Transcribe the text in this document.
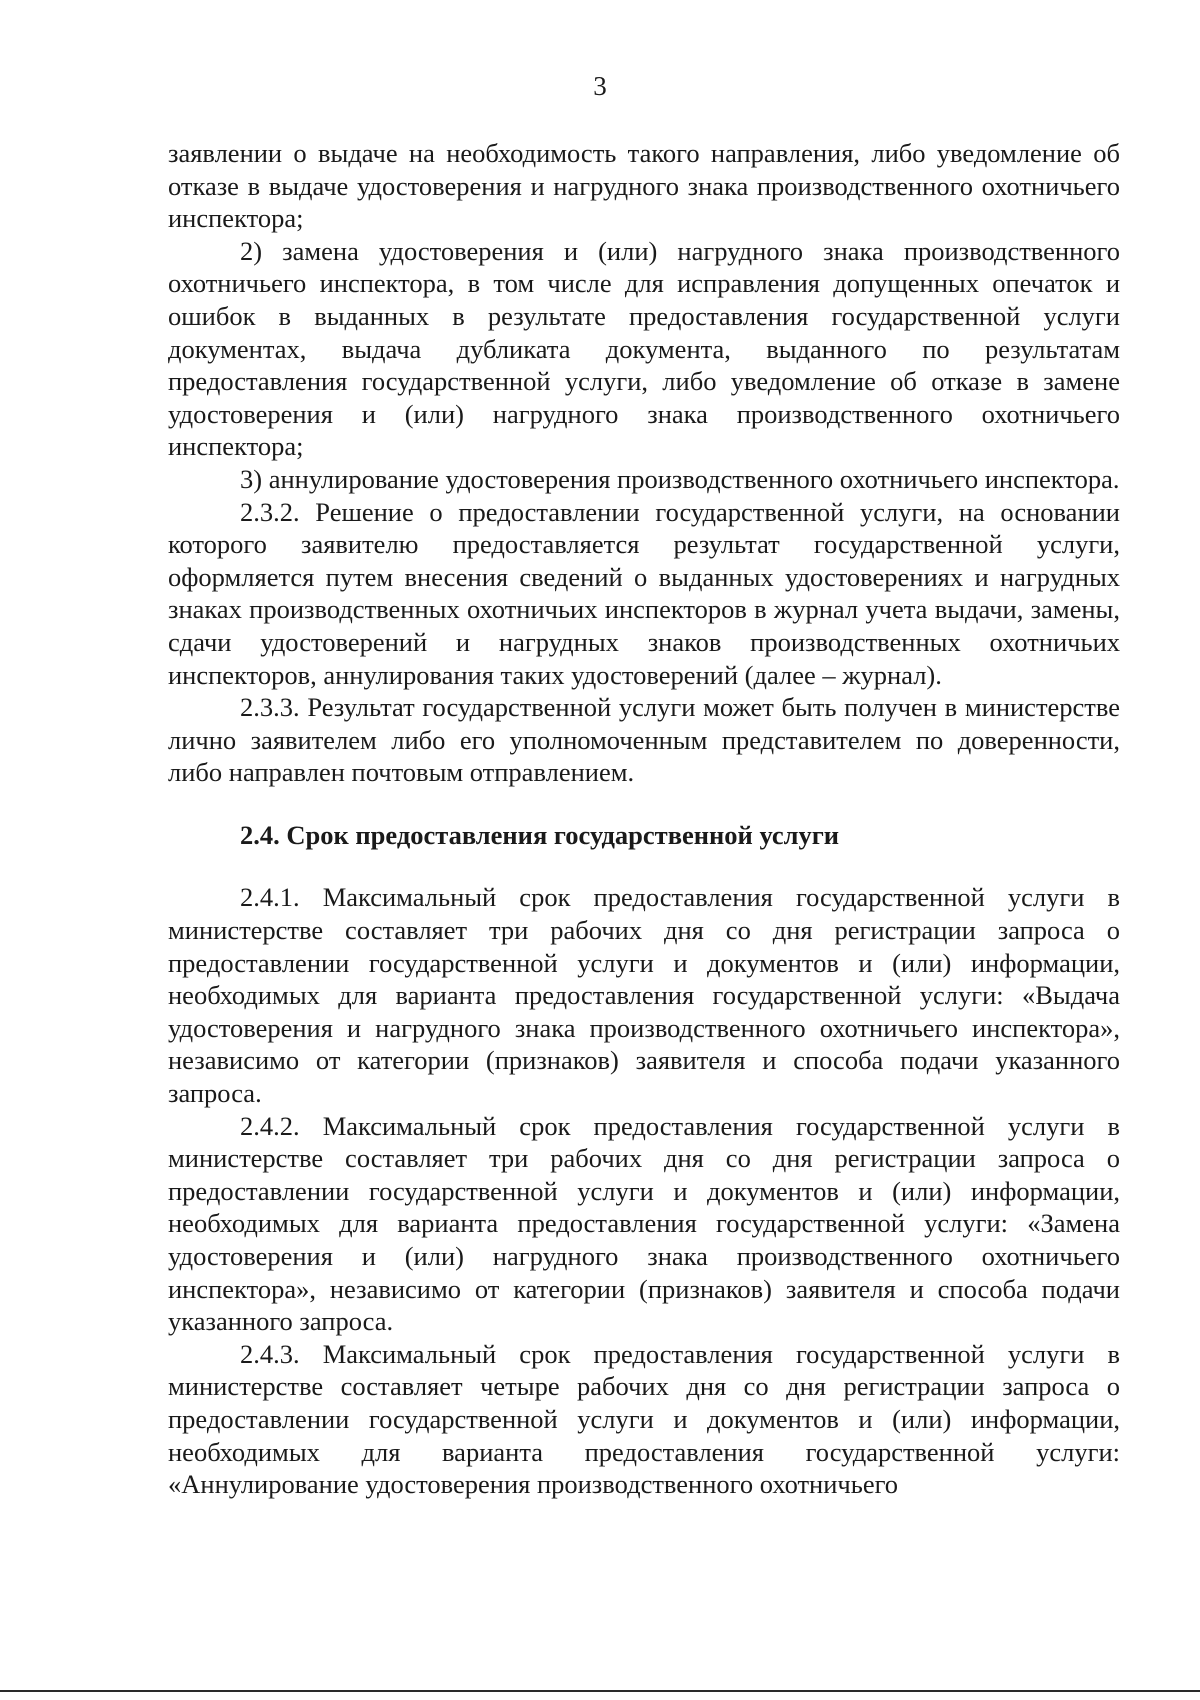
3

заявлении о выдаче на необходимость такого направления, либо уведомление об отказе в выдаче удостоверения и нагрудного знака производственного охотничьего инспектора;

2) замена удостоверения и (или) нагрудного знака производственного охотничьего инспектора, в том числе для исправления допущенных опечаток и ошибок в выданных в результате предоставления государственной услуги документах, выдача дубликата документа, выданного по результатам предоставления государственной услуги, либо уведомление об отказе в замене удостоверения и (или) нагрудного знака производственного охотничьего инспектора;

3) аннулирование удостоверения производственного охотничьего инспектора.

2.3.2. Решение о предоставлении государственной услуги, на основании которого заявителю предоставляется результат государственной услуги, оформляется путем внесения сведений о выданных удостоверениях и нагрудных знаках производственных охотничьих инспекторов в журнал учета выдачи, замены, сдачи удостоверений и нагрудных знаков производственных охотничьих инспекторов, аннулирования таких удостоверений (далее – журнал).

2.3.3. Результат государственной услуги может быть получен в министерстве лично заявителем либо его уполномоченным представителем по доверенности, либо направлен почтовым отправлением.

2.4. Срок предоставления государственной услуги

2.4.1. Максимальный срок предоставления государственной услуги в министерстве составляет три рабочих дня со дня регистрации запроса о предоставлении государственной услуги и документов и (или) информации, необходимых для варианта предоставления государственной услуги: «Выдача удостоверения и нагрудного знака производственного охотничьего инспектора», независимо от категории (признаков) заявителя и способа подачи указанного запроса.

2.4.2. Максимальный срок предоставления государственной услуги в министерстве составляет три рабочих дня со дня регистрации запроса о предоставлении государственной услуги и документов и (или) информации, необходимых для варианта предоставления государственной услуги: «Замена удостоверения и (или) нагрудного знака производственного охотничьего инспектора», независимо от категории (признаков) заявителя и способа подачи указанного запроса.

2.4.3. Максимальный срок предоставления государственной услуги в министерстве составляет четыре рабочих дня со дня регистрации запроса о предоставлении государственной услуги и документов и (или) информации, необходимых для варианта предоставления государственной услуги: «Аннулирование удостоверения производственного охотничьего
